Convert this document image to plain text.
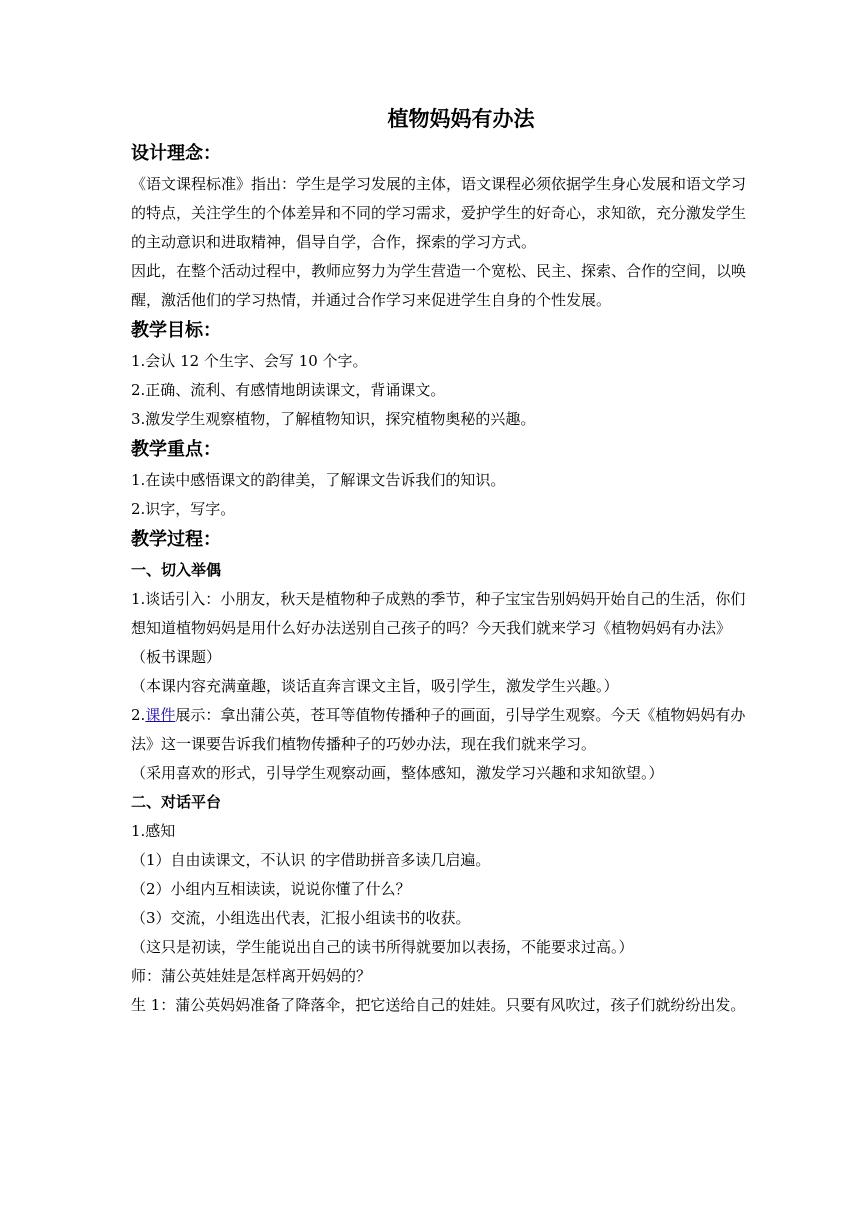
植物妈妈有办法

设计理念：

《语文课程标准》指出：学生是学习发展的主体，语文课程必须依据学生身心发展和语文学习的特点，关注学生的个体差异和不同的学习需求，爱护学生的好奇心，求知欲，充分激发学生的主动意识和进取精神，倡导自学，合作，探索的学习方式。

因此，在整个活动过程中，教师应努力为学生营造一个宽松、民主、探索、合作的空间，以唤醒，激活他们的学习热情，并通过合作学习来促进学生自身的个性发展。

教学目标：

1.会认 12 个生字、会写 10 个字。

2.正确、流利、有感情地朗读课文，背诵课文。

3.激发学生观察植物，了解植物知识，探究植物奥秘的兴趣。

教学重点：

1.在读中感悟课文的韵律美，了解课文告诉我们的知识。

2.识字，写字。

教学过程：

一、切入举偶

1.谈话引入：小朋友，秋天是植物种子成熟的季节，种子宝宝告别妈妈开始自己的生活，你们想知道植物妈妈是用什么好办法送别自己孩子的吗？今天我们就来学习《植物妈妈有办法》（板书课题）

（本课内容充满童趣，谈话直奔言课文主旨，吸引学生，激发学生兴趣。）

2.课件展示：拿出蒲公英，苍耳等值物传播种子的画面，引导学生观察。今天《植物妈妈有办法》这一课要告诉我们植物传播种子的巧妙办法，现在我们就来学习。

（采用喜欢的形式，引导学生观察动画，整体感知，激发学习兴趣和求知欲望。）

二、对话平台

1.感知

（1）自由读课文，不认识 的字借助拼音多读几启遍。

（2）小组内互相读读，说说你懂了什么？

（3）交流，小组选出代表，汇报小组读书的收获。

（这只是初读，学生能说出自己的读书所得就要加以表扬，不能要求过高。）

师：蒲公英娃娃是怎样离开妈妈的？

生 1：蒲公英妈妈准备了降落伞，把它送给自己的娃娃。只要有风吹过，孩子们就纷纷出发。
